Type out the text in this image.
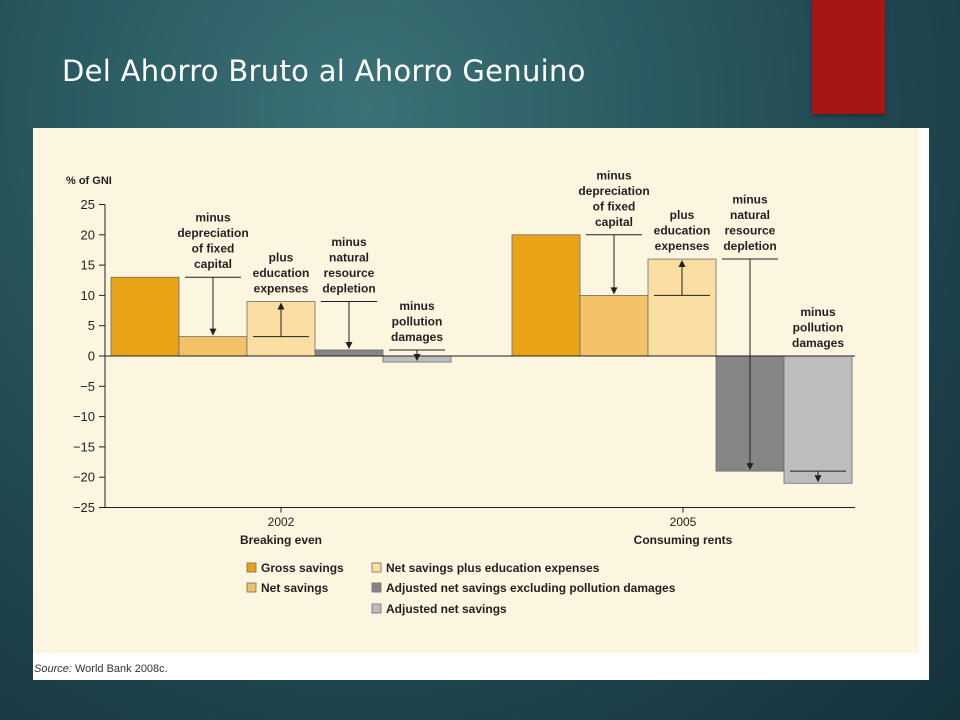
Del Ahorro Bruto al Ahorro Genuino
% of GNI
25
20
15
10
5
0
−5
−10
−15
−20
−25
minus
depreciation
of fixed
capital	plus
education
expenses
minus
natural
resource
depletion
minus
pollution
damages
minus
depreciation
of fixed
capital	plus
education
expenses
minus
natural
resource
depletion
minus
pollution
damages
2002
Breaking even
2005
Consuming rents
Gross savings
Net savings
Net savings plus education expenses
Adjusted net savings excluding pollution damages
Adjusted net savings
Source: World Bank 2008c.
